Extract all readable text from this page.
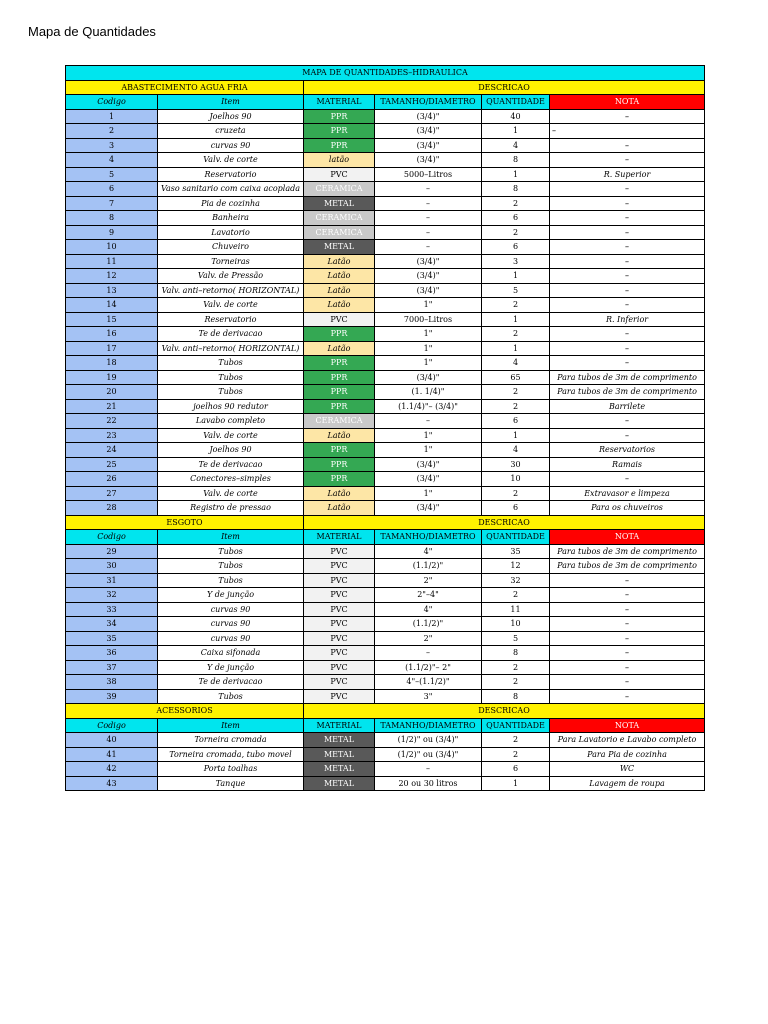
Mapa de Quantidades
MAPA DE QUANTIDADES–HIDRAULICA					
ABASTECIMENTO AGUA FRIA		DESCRICAO			
Codigo	Item	MATERIAL	TAMANHO/DIAMETRO	QUANTIDADE	NOTA
1	Joelhos 90	PPR	(3/4)"	40	–
2	cruzeta	PPR	(3/4)"	1	–
3	curvas 90	PPR	(3/4)"	4	–
4	Valv. de corte	latão	(3/4)"	8	–
5	Reservatorio	PVC	5000–Litros	1	R. Superior
6	Vaso sanitario com caixa acoplada	CERAMICA	–	8	–
7	Pia de cozinha	METAL	–	2	–
8	Banheira	CERAMICA	–	6	–
9	Lavatorio	CERAMICA	–	2	–
10	Chuveiro	METAL	–	6	–
11	Torneiras	Latão	(3/4)"	3	–
12	Valv. de Pressão	Latão	(3/4)"	1	–
13	Valv. anti–retorno( HORIZONTAL)	Latão	(3/4)"	5	–
14	Valv. de corte	Latão	1"	2	–
15	Reservatorio	PVC	7000–Litros	1	R. Inferior
16	Te de derivacao	PPR	1"	2	–
17	Valv. anti–retorno( HORIZONTAL)	Latão	1"	1	–
18	Tubos	PPR	1"	4	–
19	Tubos	PPR	(3/4)"	65	Para tubos de 3m de comprimento
20	Tubos	PPR	(1. 1/4)"	2	Para tubos de 3m de comprimento
21	joelhos 90 redutor	PPR	(1.1/4)"– (3/4)"	2	Barrilete
22	Lavabo completo	CERAMICA	–	6	–
23	Valv. de corte	Latão	1"	1	–
24	Joelhos 90	PPR	1"	4	Reservatorios
25	Te de derivacao	PPR	(3/4)"	30	Ramais
26	Conectores–simples	PPR	(3/4)"	10	–
27	Valv. de corte	Latão	1"	2	Extravasor e limpeza
28	Registro de pressao	Latão	(3/4)"	6	Para os chuveiros
ESGOTO		DESCRICAO			
Codigo	Item	MATERIAL	TAMANHO/DIAMETRO	QUANTIDADE	NOTA
29	Tubos	PVC	4"	35	Para tubos de 3m de comprimento
30	Tubos	PVC	(1.1/2)"	12	Para tubos de 3m de comprimento
31	Tubos	PVC	2"	32	–
32	Y de junção	PVC	2"–4"	2	–
33	curvas 90	PVC	4"	11	–
34	curvas 90	PVC	(1.1/2)"	10	–
35	curvas 90	PVC	2"	5	–
36	Caixa sifonada	PVC	–	8	–
37	Y de junção	PVC	(1.1/2)"– 2"	2	–
38	Te de derivacao	PVC	4"–(1.1/2)"	2	–
39	Tubos	PVC	3"	8	–
ACESSORIOS		DESCRICAO			
Codigo	Item	MATERIAL	TAMANHO/DIAMETRO	QUANTIDADE	NOTA
40	Torneira cromada	METAL	(1/2)" ou (3/4)"	2	Para Lavatorio e Lavabo completo
41	Torneira cromada, tubo movel	METAL	(1/2)" ou (3/4)"	2	Para Pia de cozinha
42	Porta toalhas	METAL	–	6	WC
43	Tanque	METAL	20 ou 30 litros	1	Lavagem de roupa
